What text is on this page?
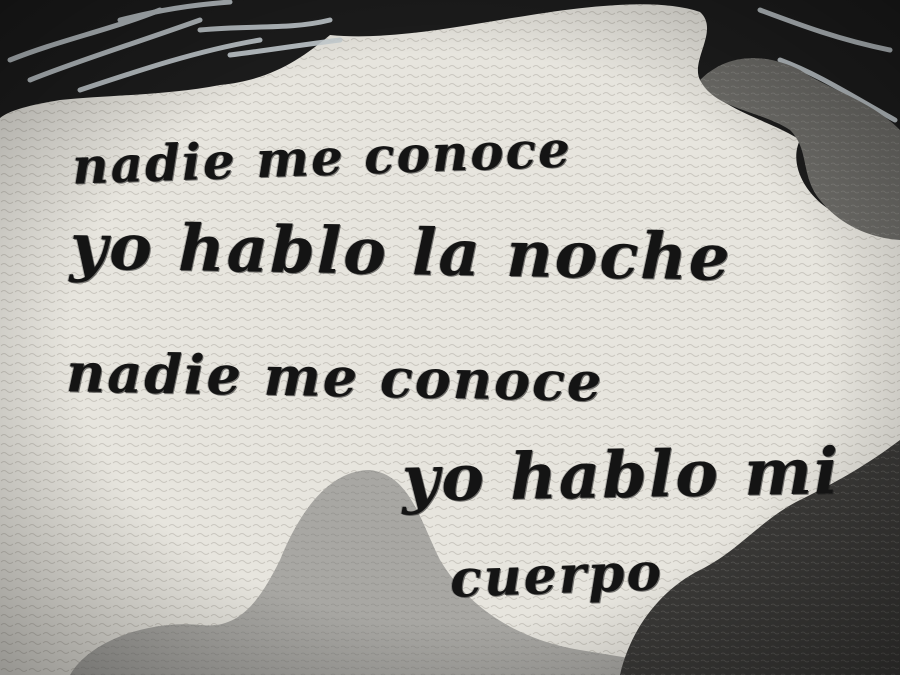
nadie me conoce

yo hablo la noche

nadie me conoce

yo hablo mi

cuerpo
